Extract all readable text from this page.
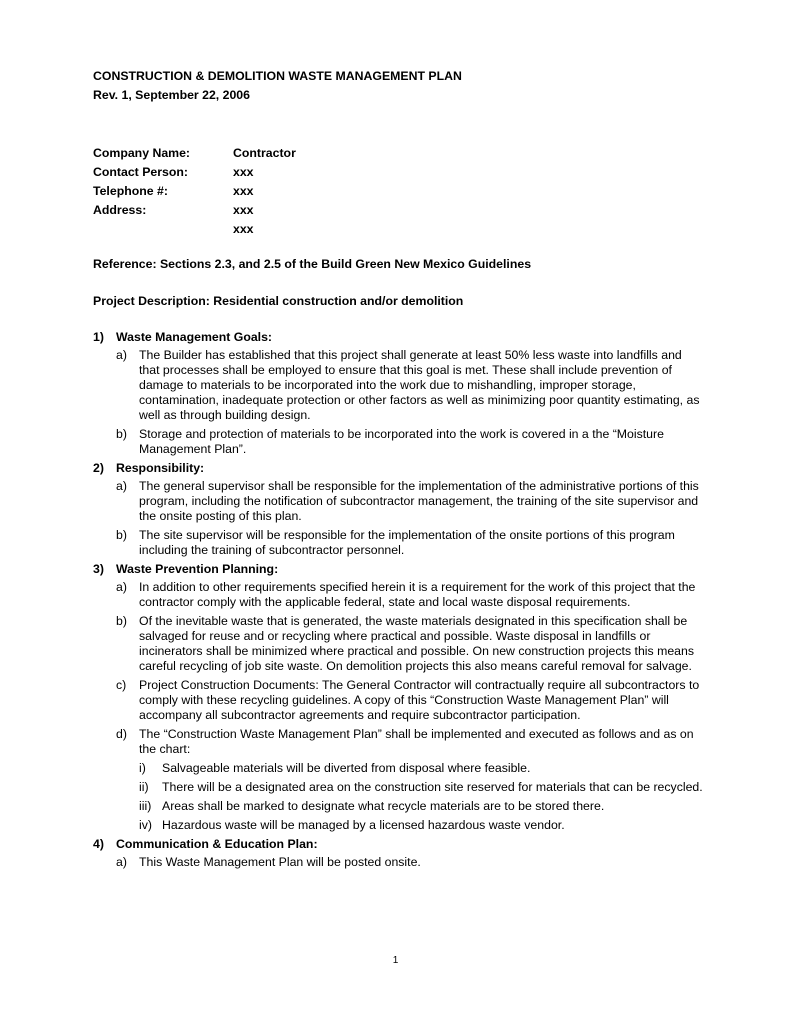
CONSTRUCTION & DEMOLITION WASTE MANAGEMENT PLAN
Rev. 1, September 22, 2006
Company Name:	Contractor
Contact Person:	xxx
Telephone #:	xxx
Address:	xxx
xxx
Reference: Sections 2.3, and 2.5 of the Build Green New Mexico Guidelines
Project Description: Residential construction and/or demolition
1) Waste Management Goals:
a) The Builder has established that this project shall generate at least 50% less waste into landfills and that processes shall be employed to ensure that this goal is met. These shall include prevention of damage to materials to be incorporated into the work due to mishandling, improper storage, contamination, inadequate protection or other factors as well as minimizing poor quantity estimating, as well as through building design.
b) Storage and protection of materials to be incorporated into the work is covered in a the “Moisture Management Plan”.
2) Responsibility:
a) The general supervisor shall be responsible for the implementation of the administrative portions of this program, including the notification of subcontractor management, the training of the site supervisor and the onsite posting of this plan.
b) The site supervisor will be responsible for the implementation of the onsite portions of this program including the training of subcontractor personnel.
3) Waste Prevention Planning:
a) In addition to other requirements specified herein it is a requirement for the work of this project that the contractor comply with the applicable federal, state and local waste disposal requirements.
b) Of the inevitable waste that is generated, the waste materials designated in this specification shall be salvaged for reuse and or recycling where practical and possible. Waste disposal in landfills or incinerators shall be minimized where practical and possible. On new construction projects this means careful recycling of job site waste. On demolition projects this also means careful removal for salvage.
c) Project Construction Documents: The General Contractor will contractually require all subcontractors to comply with these recycling guidelines. A copy of this “Construction Waste Management Plan” will accompany all subcontractor agreements and require subcontractor participation.
d) The “Construction Waste Management Plan” shall be implemented and executed as follows and as on the chart:
i) Salvageable materials will be diverted from disposal where feasible.
ii) There will be a designated area on the construction site reserved for materials that can be recycled.
iii) Areas shall be marked to designate what recycle materials are to be stored there.
iv) Hazardous waste will be managed by a licensed hazardous waste vendor.
4) Communication & Education Plan:
a) This Waste Management Plan will be posted onsite.
1
